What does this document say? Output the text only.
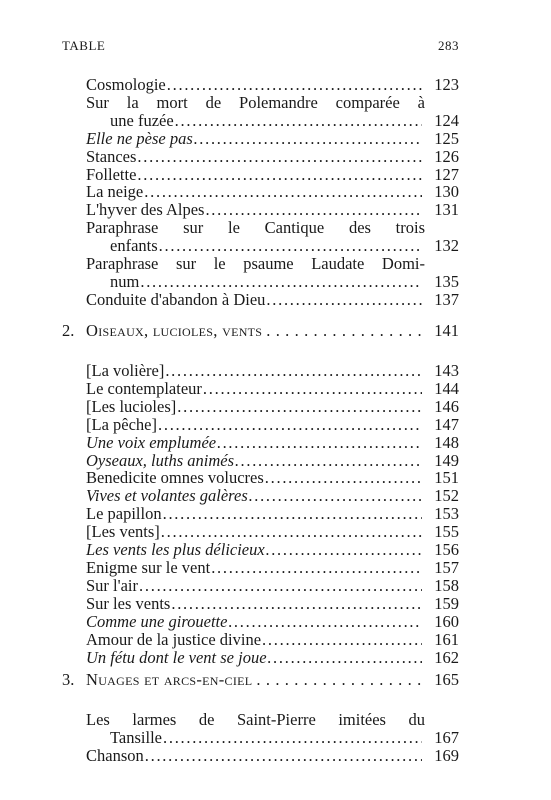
TABLE	283
Cosmologie . . .	123
Sur la mort de Polemandre comparée à
une fuzée . . .	124
Elle ne pèse pas . . .	125
Stances . . .	126
Follette . . .	127
La neige . . .	130
L'hyver des Alpes . . .	131
Paraphrase sur le Cantique des trois
enfants . . .	132
Paraphrase sur le psaume Laudate Domi-
num . . .	135
Conduite d'abandon à Dieu . . .	137
2. Oiseaux, lucioles, vents . . .	141
[La volière] . . .	143
Le contemplateur . . .	144
[Les lucioles] . . .	146
[La pêche] . . .	147
Une voix emplumée . . .	148
Oyseaux, luths animés . . .	149
Benedicite omnes volucres . . .	151
Vives et volantes galères . . .	152
Le papillon . . .	153
[Les vents] . . .	155
Les vents les plus délicieux . . .	156
Enigme sur le vent . . .	157
Sur l'air . . .	158
Sur les vents . . .	159
Comme une girouette . . .	160
Amour de la justice divine . . .	161
Un fétu dont le vent se joue . . .	162
3. Nuages et arcs-en-ciel . . .	165
Les larmes de Saint-Pierre imitées du
Tansille . . .	167
Chanson . . .	169
